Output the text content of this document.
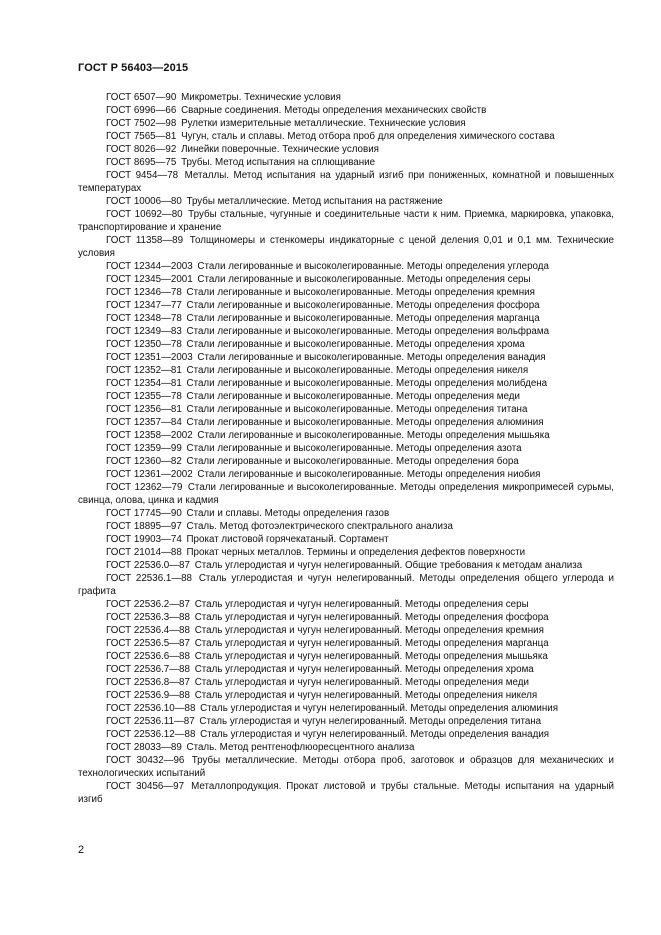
ГОСТ Р 56403—2015

ГОСТ 6507—90 Микрометры. Технические условия

ГОСТ 6996—66 Сварные соединения. Методы определения механических свойств

ГОСТ 7502—98 Рулетки измерительные металлические. Технические условия

ГОСТ 7565—81 Чугун, сталь и сплавы. Метод отбора проб для определения химического состава

ГОСТ 8026—92 Линейки поверочные. Технические условия

ГОСТ 8695—75 Трубы. Метод испытания на сплющивание

ГОСТ 9454—78 Металлы. Метод испытания на ударный изгиб при пониженных, комнатной и повышенных температурах

ГОСТ 10006—80 Трубы металлические. Метод испытания на растяжение

ГОСТ 10692—80 Трубы стальные, чугунные и соединительные части к ним. Приемка, маркировка, упаковка, транспортирование и хранение

ГОСТ 11358—89 Толщиномеры и стенкомеры индикаторные с ценой деления 0,01 и 0,1 мм. Технические условия

ГОСТ 12344—2003 Стали легированные и высоколегированные. Методы определения углерода

ГОСТ 12345—2001 Стали легированные и высоколегированные. Методы определения серы

ГОСТ 12346—78 Стали легированные и высоколегированные. Методы определения кремния

ГОСТ 12347—77 Стали легированные и высоколегированные. Методы определения фосфора

ГОСТ 12348—78 Стали легированные и высоколегированные. Методы определения марганца

ГОСТ 12349—83 Стали легированные и высоколегированные. Методы определения вольфрама

ГОСТ 12350—78 Стали легированные и высоколегированные. Методы определения хрома

ГОСТ 12351—2003 Стали легированные и высоколегированные. Методы определения ванадия

ГОСТ 12352—81 Стали легированные и высоколегированные. Методы определения никеля

ГОСТ 12354—81 Стали легированные и высоколегированные. Методы определения молибдена

ГОСТ 12355—78 Стали легированные и высоколегированные. Методы определения меди

ГОСТ 12356—81 Стали легированные и высоколегированные. Методы определения титана

ГОСТ 12357—84 Стали легированные и высоколегированные. Методы определения алюминия

ГОСТ 12358—2002 Стали легированные и высоколегированные. Методы определения мышьяка

ГОСТ 12359—99 Стали легированные и высоколегированные. Методы определения азота

ГОСТ 12360—82 Стали легированные и высоколегированные. Методы определения бора

ГОСТ 12361—2002 Стали легированные и высоколегированные. Методы определения ниобия

ГОСТ 12362—79 Стали легированные и высоколегированные. Методы определения микропримесей сурьмы, свинца, олова, цинка и кадмия

ГОСТ 17745—90 Стали и сплавы. Методы определения газов

ГОСТ 18895—97 Сталь. Метод фотоэлектрического спектрального анализа

ГОСТ 19903—74 Прокат листовой горячекатаный. Сортамент

ГОСТ 21014—88 Прокат черных металлов. Термины и определения дефектов поверхности

ГОСТ 22536.0—87 Сталь углеродистая и чугун нелегированный. Общие требования к методам анализа

ГОСТ 22536.1—88 Сталь углеродистая и чугун нелегированный. Методы определения общего углерода и графита

ГОСТ 22536.2—87 Сталь углеродистая и чугун нелегированный. Методы определения серы

ГОСТ 22536.3—88 Сталь углеродистая и чугун нелегированный. Методы определения фосфора

ГОСТ 22536.4—88 Сталь углеродистая и чугун нелегированный. Методы определения кремния

ГОСТ 22536.5—87 Сталь углеродистая и чугун нелегированный. Методы определения марганца

ГОСТ 22536.6—88 Сталь углеродистая и чугун нелегированный. Методы определения мышьяка

ГОСТ 22536.7—88 Сталь углеродистая и чугун нелегированный. Методы определения хрома

ГОСТ 22536.8—87 Сталь углеродистая и чугун нелегированный. Методы определения меди

ГОСТ 22536.9—88 Сталь углеродистая и чугун нелегированный. Методы определения никеля

ГОСТ 22536.10—88 Сталь углеродистая и чугун нелегированный. Методы определения алюминия

ГОСТ 22536.11—87 Сталь углеродистая и чугун нелегированный. Методы определения титана

ГОСТ 22536.12—88 Сталь углеродистая и чугун нелегированный. Методы определения ванадия

ГОСТ 28033—89 Сталь. Метод рентгенофлюоресцентного анализа

ГОСТ 30432—96 Трубы металлические. Методы отбора проб, заготовок и образцов для механических и технологических испытаний

ГОСТ 30456—97 Металлопродукция. Прокат листовой и трубы стальные. Методы испытания на ударный изгиб

2
